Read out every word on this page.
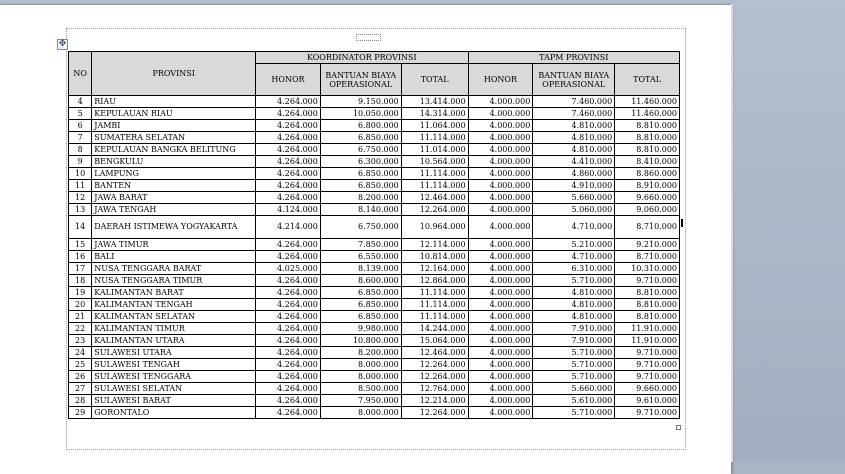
✥
NO	PROVINSI	KOORDINATOR PROVINSI			TAPM PROVINSI		
		HONOR	BANTUAN BIAYA OPERASIONAL	TOTAL	HONOR	BANTUAN BIAYA OPERASIONAL	TOTAL
4	RIAU	4.264.000	9.150.000	13.414.000	4.000.000	7.460.000	11.460.000
5	KEPULAUAN RIAU	4.264.000	10.050.000	14.314.000	4.000.000	7.460.000	11.460.000
6	JAMBI	4.264.000	6.800.000	11.064.000	4.000.000	4.810.000	8.810.000
7	SUMATERA SELATAN	4.264.000	6.850.000	11.114.000	4.000.000	4.810.000	8.810.000
8	KEPULAUAN BANGKA BELITUNG	4.264.000	6.750.000	11.014.000	4.000.000	4.810.000	8.810.000
9	BENGKULU	4.264.000	6.300.000	10.564.000	4.000.000	4.410.000	8.410.000
10	LAMPUNG	4.264.000	6.850.000	11.114.000	4.000.000	4.860.000	8.860.000
11	BANTEN	4.264.000	6.850.000	11.114.000	4.000.000	4.910.000	8.910.000
12	JAWA BARAT	4.264.000	8.200.000	12.464.000	4.000.000	5.660.000	9.660.000
13	JAWA TENGAH	4.124.000	8.140.000	12.264.000	4.000.000	5.060.000	9.060.000
14	DAERAH ISTIMEWA YOGYAKARTA	4.214.000	6.750.000	10.964.000	4.000.000	4.710.000	8.710.000
15	JAWA TIMUR	4.264.000	7.850.000	12.114.000	4.000.000	5.210.000	9.210.000
16	BALI	4.264.000	6.550.000	10.814.000	4.000.000	4.710.000	8.710.000
17	NUSA TENGGARA BARAT	4.025.000	8.139.000	12.164.000	4.000.000	6.310.000	10.310.000
18	NUSA TENGGARA TIMUR	4.264.000	8.600.000	12.864.000	4.000.000	5.710.000	9.710.000
19	KALIMANTAN BARAT	4.264.000	6.850.000	11.114.000	4.000.000	4.810.000	8.810.000
20	KALIMANTAN TENGAH	4.264.000	6.850.000	11.114.000	4.000.000	4.810.000	8.810.000
21	KALIMANTAN SELATAN	4.264.000	6.850.000	11.114.000	4.000.000	4.810.000	8.810.000
22	KALIMANTAN TIMUR	4.264.000	9.980.000	14.244.000	4.000.000	7.910.000	11.910.000
23	KALIMANTAN UTARA	4.264.000	10.800.000	15.064.000	4.000.000	7.910.000	11.910.000
24	SULAWESI UTARA	4.264.000	8.200.000	12.464.000	4.000.000	5.710.000	9.710.000
25	SULAWESI TENGAH	4.264.000	8.000.000	12.264.000	4.000.000	5.710.000	9.710.000
26	SULAWESI TENGGARA	4.264.000	8.000.000	12.264.000	4.000.000	5.710.000	9.710.000
27	SULAWESI SELATAN	4.264.000	8.500.000	12.764.000	4.000.000	5.660.000	9.660.000
28	SULAWESI BARAT	4.264.000	7.950.000	12.214.000	4.000.000	5.610.000	9.610.000
29	GORONTALO	4.264.000	8.000.000	12.264.000	4.000.000	5.710.000	9.710.000
